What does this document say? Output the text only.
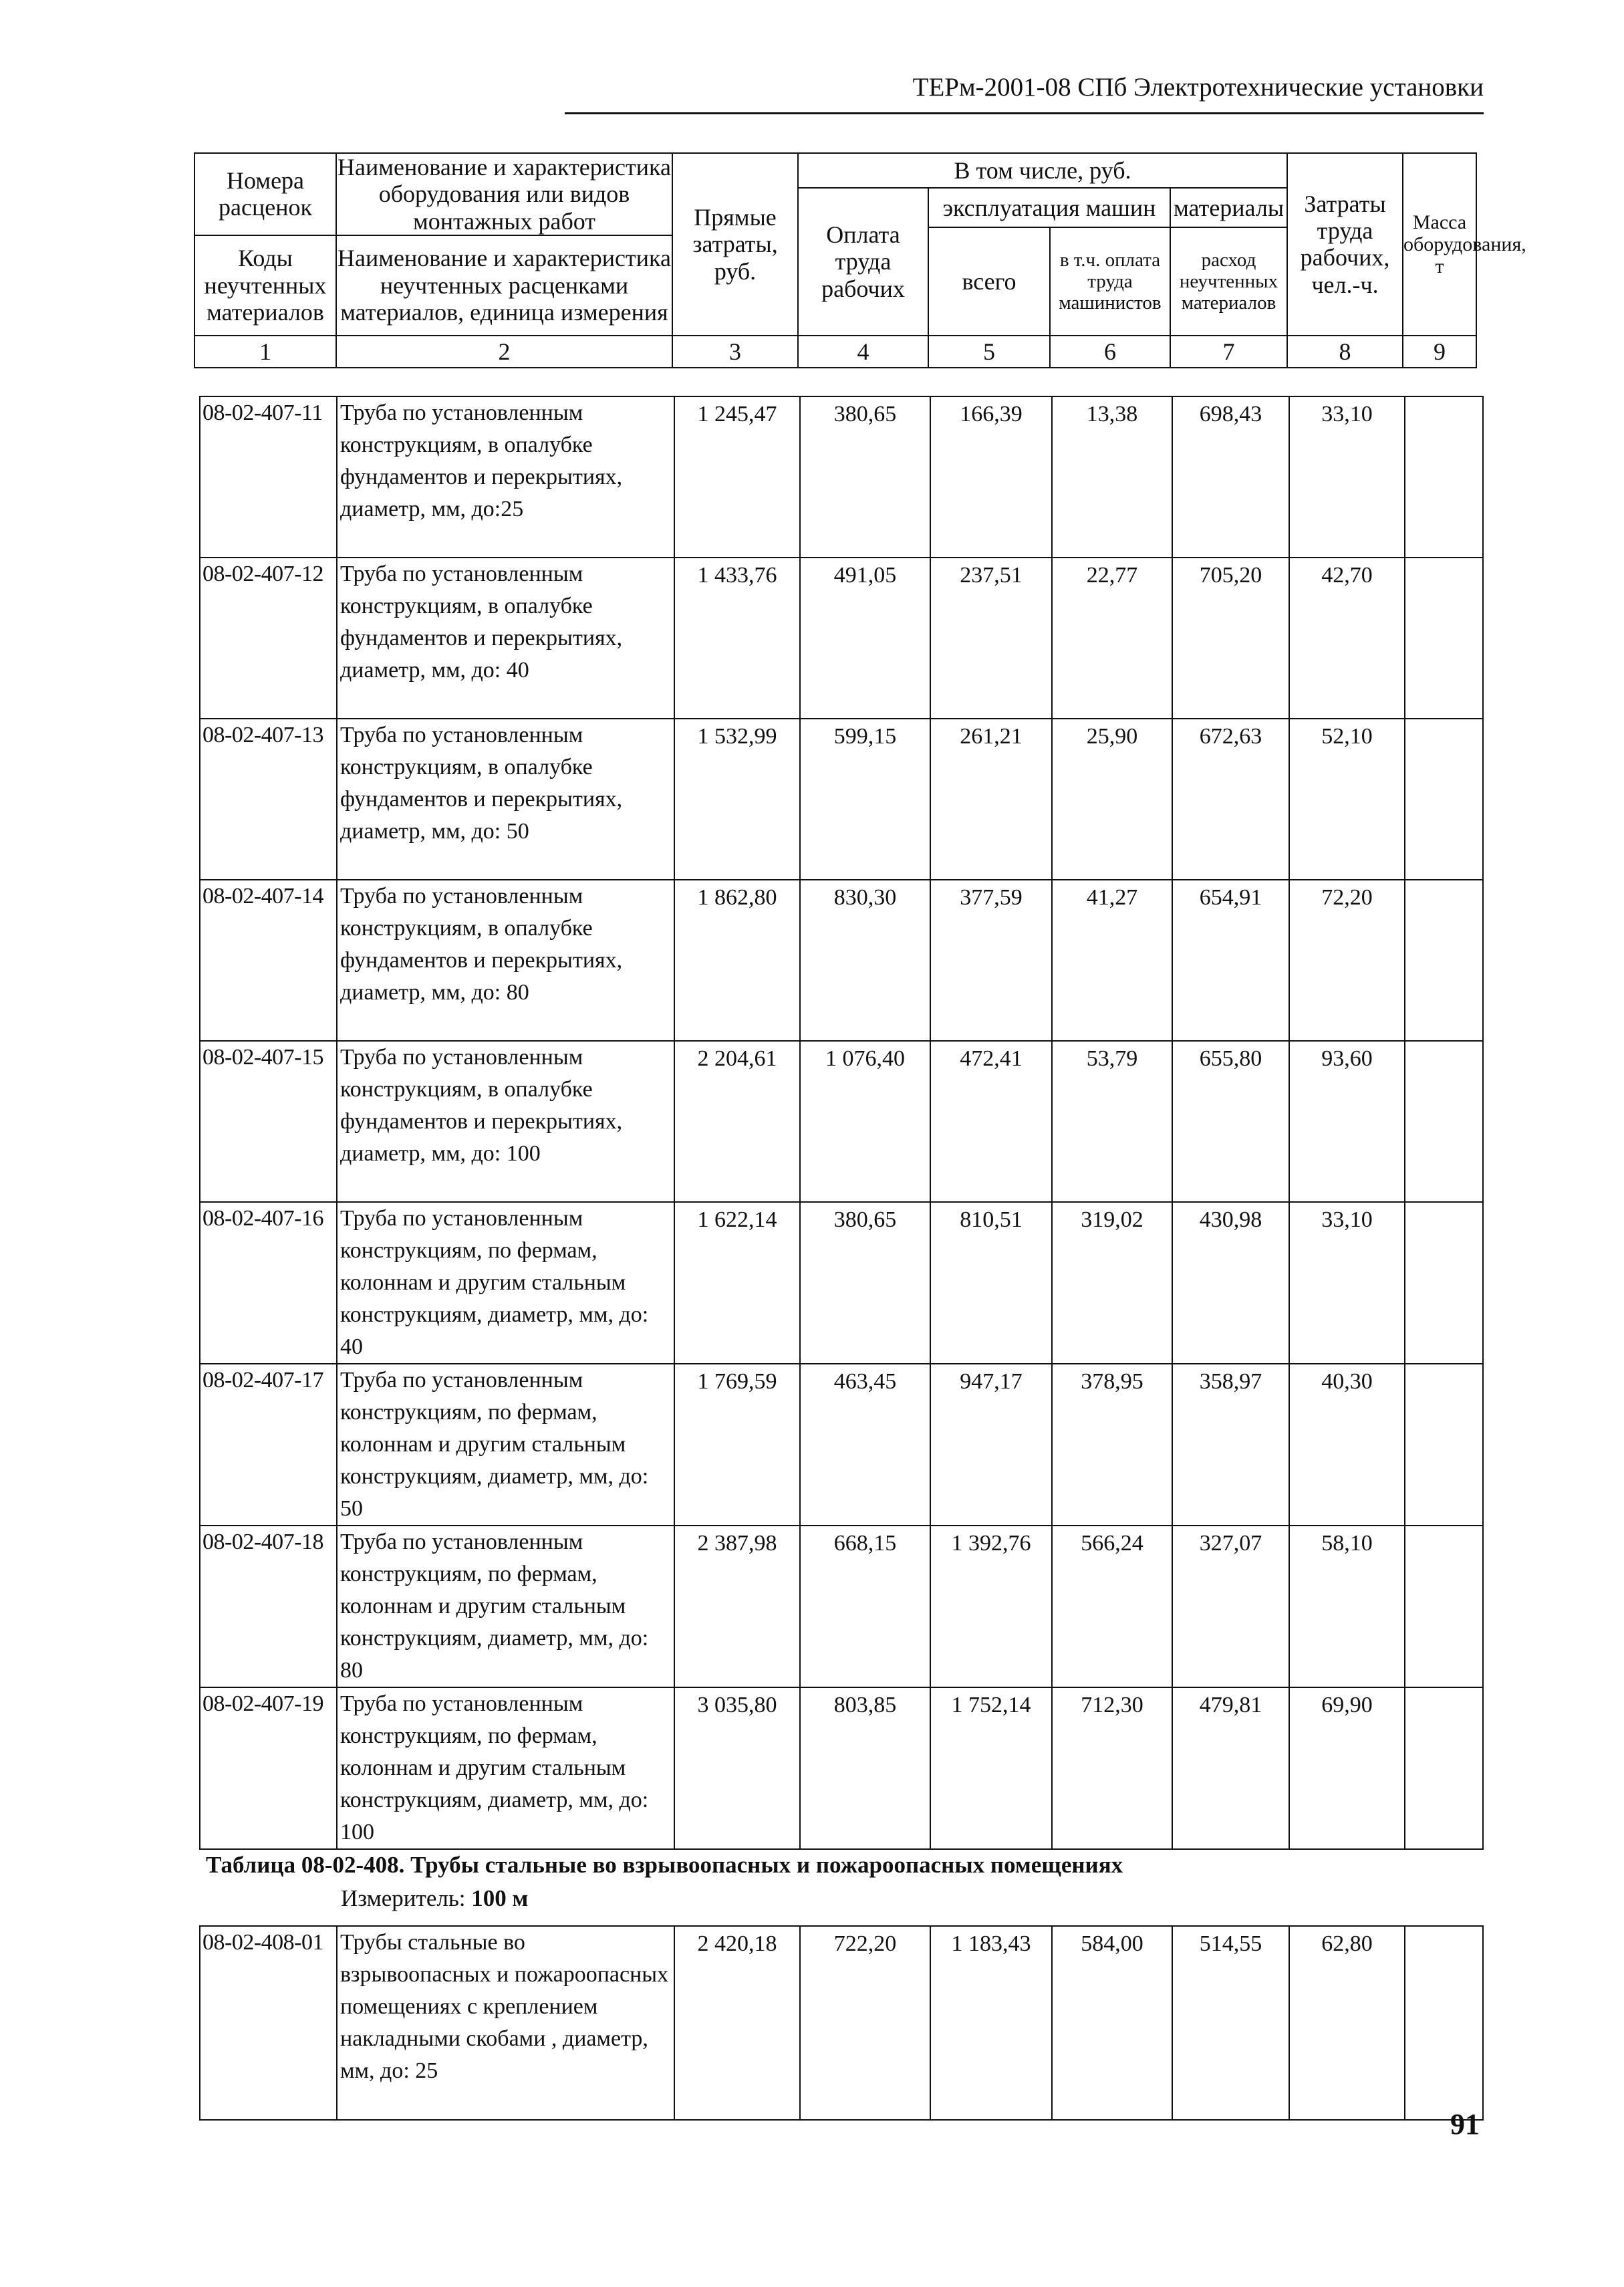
ТЕРм-2001-08 СПб Электротехнические установки
Номера расценок	Наименование и характеристика оборудования или видов монтажных работ	Прямые затраты, руб.	В том числе, руб.				Затраты труда рабочих, чел.-ч.	Масса оборудования, т
			Оплата труда рабочих	эксплуатация машин		материалы		
				всего	в т.ч. оплата труда машинистов	расход неучтенных материалов		
Коды неучтенных материалов	Наименование и характеристика неучтенных расценками материалов, единица измерения							

1	2	3	4	5	6	7	8	9
08-02-407-11	Труба по установленным конструкциям, в опалубке фундаментов и перекрытиях, диаметр, мм, до:25	1 245,47	380,65	166,39	13,38	698,43	33,10	
08-02-407-12	Труба по установленным конструкциям, в опалубке фундаментов и перекрытиях, диаметр, мм, до: 40	1 433,76	491,05	237,51	22,77	705,20	42,70	
08-02-407-13	Труба по установленным конструкциям, в опалубке фундаментов и перекрытиях, диаметр, мм, до: 50	1 532,99	599,15	261,21	25,90	672,63	52,10	
08-02-407-14	Труба по установленным конструкциям, в опалубке фундаментов и перекрытиях, диаметр, мм, до: 80	1 862,80	830,30	377,59	41,27	654,91	72,20	
08-02-407-15	Труба по установленным конструкциям, в опалубке фундаментов и перекрытиях, диаметр, мм, до: 100	2 204,61	1 076,40	472,41	53,79	655,80	93,60	
08-02-407-16	Труба по установленным конструкциям, по фермам, колоннам и другим стальным конструкциям, диаметр, мм, до: 40	1 622,14	380,65	810,51	319,02	430,98	33,10	
08-02-407-17	Труба по установленным конструкциям, по фермам, колоннам и другим стальным конструкциям, диаметр, мм, до: 50	1 769,59	463,45	947,17	378,95	358,97	40,30	
08-02-407-18	Труба по установленным конструкциям, по фермам, колоннам и другим стальным конструкциям, диаметр, мм, до: 80	2 387,98	668,15	1 392,76	566,24	327,07	58,10	
08-02-407-19	Труба по установленным конструкциям, по фермам, колоннам и другим стальным конструкциям, диаметр, мм, до: 100	3 035,80	803,85	1 752,14	712,30	479,81	69,90	
Таблица 08-02-408. Трубы стальные во взрывоопасных и пожароопасных помещениях
Измеритель: 100 м
08-02-408-01	Трубы стальные во взрывоопасных и пожароопасных помещениях с креплением накладными скобами , диаметр, мм, до: 25	2 420,18	722,20	1 183,43	584,00	514,55	62,80	
91
